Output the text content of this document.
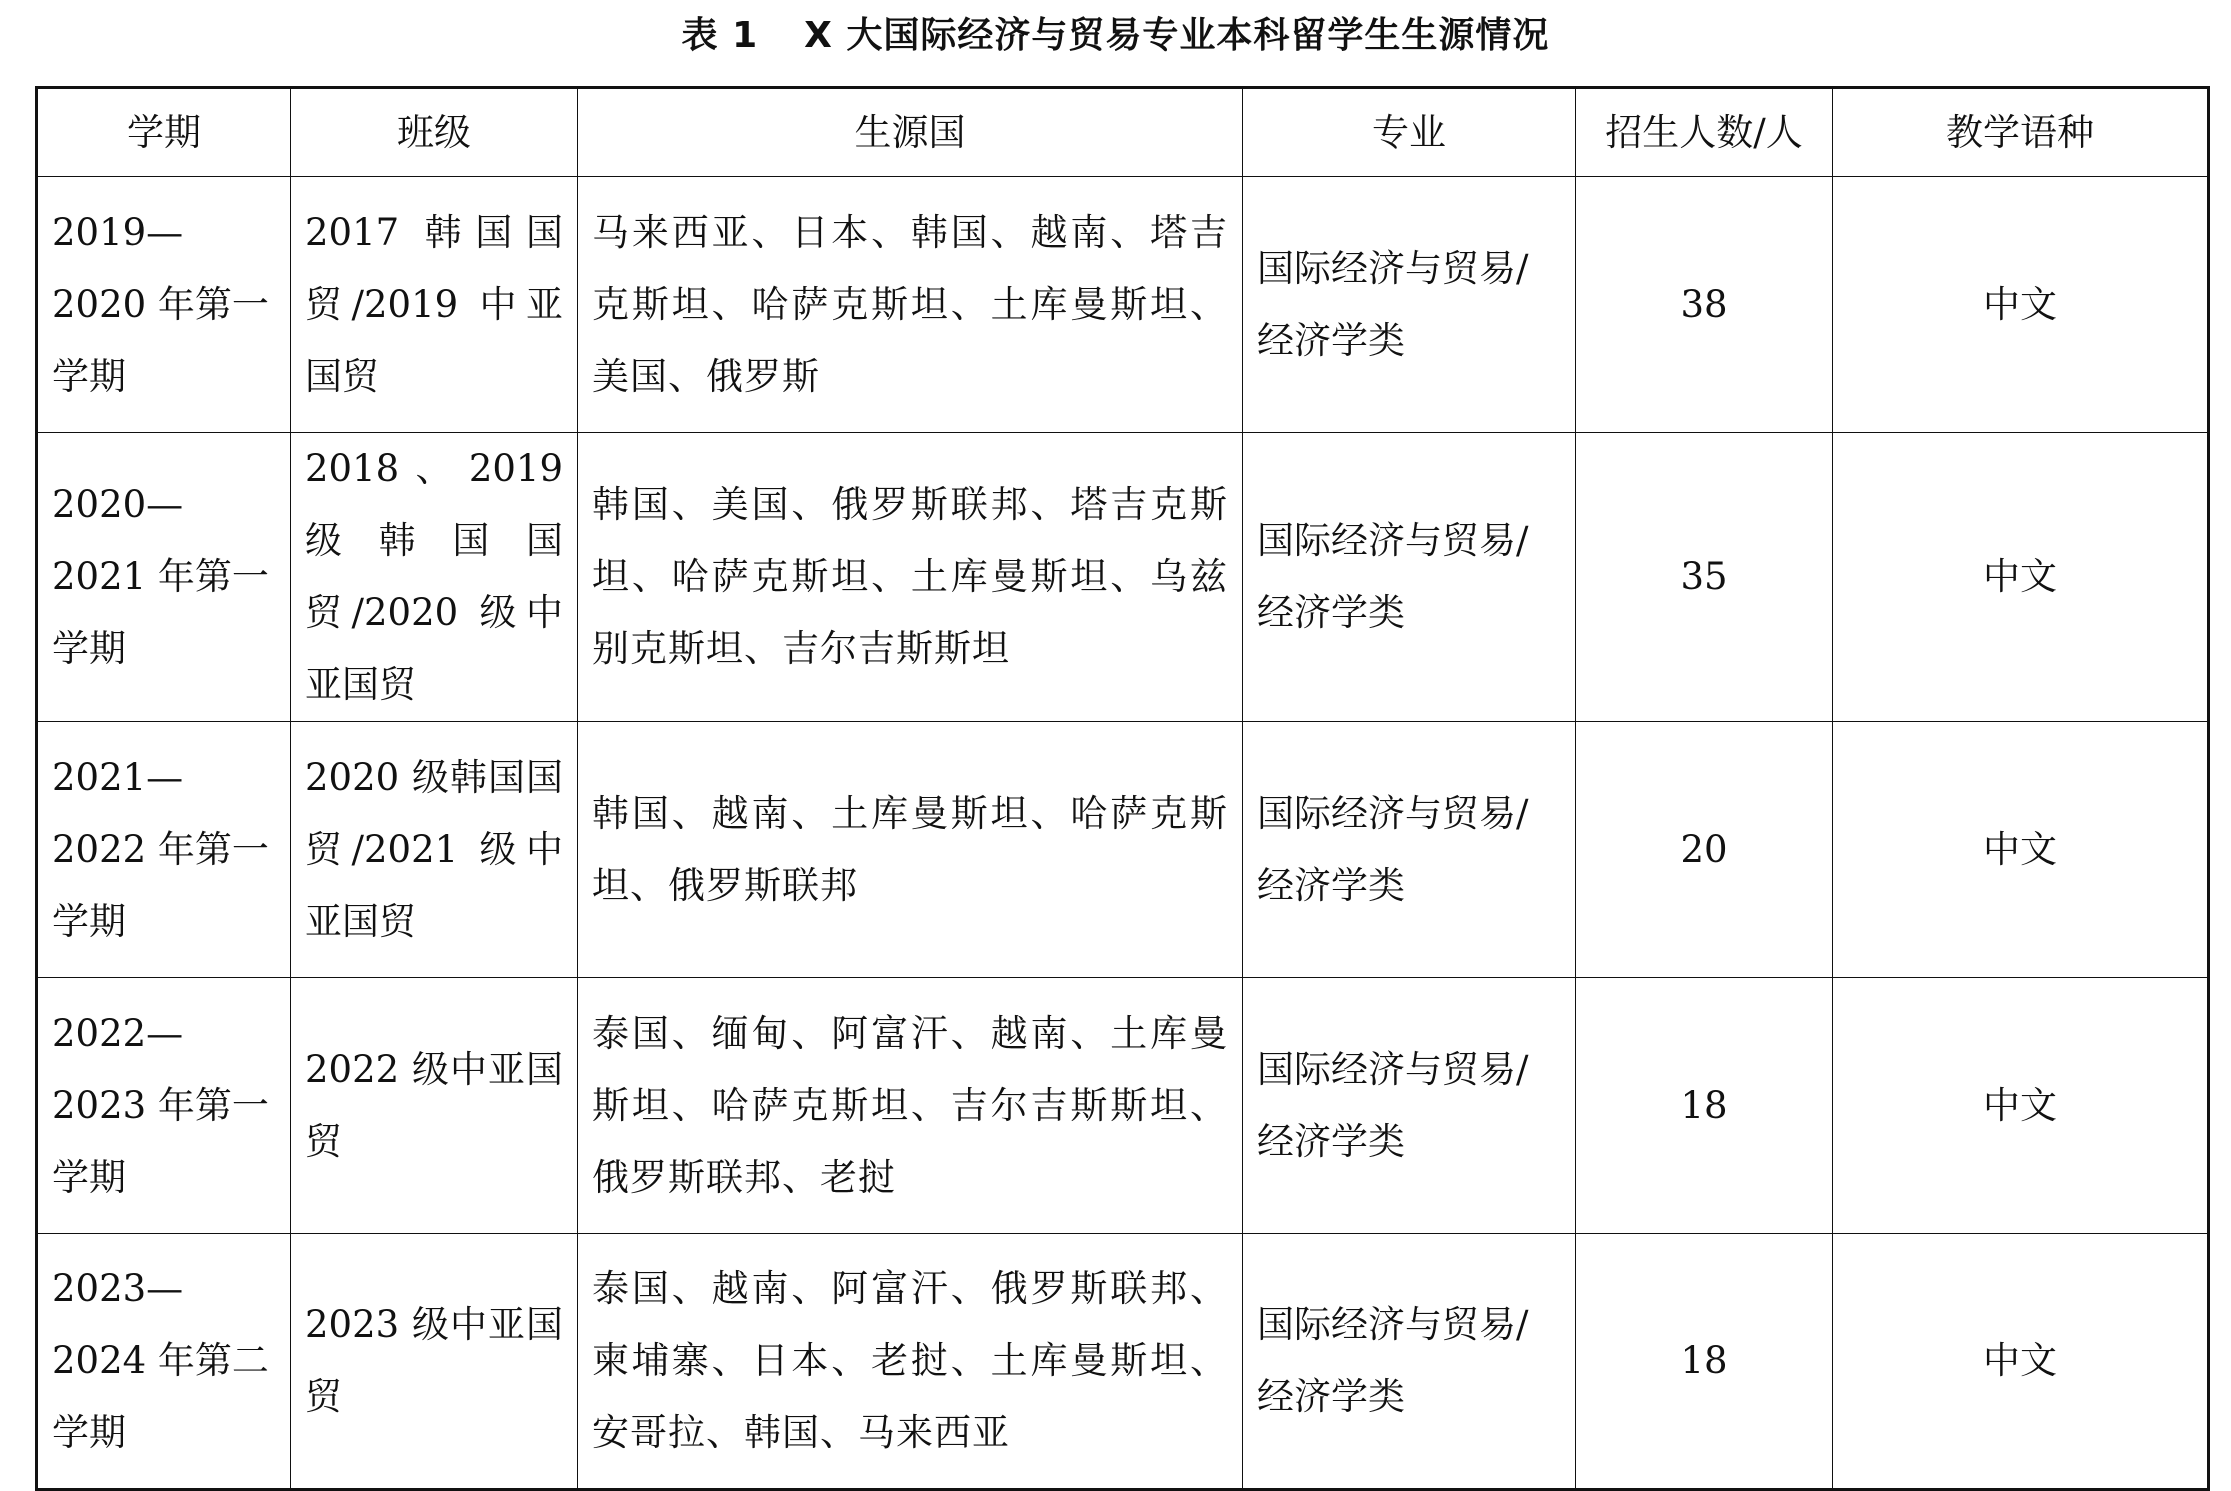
表 1 X 大国际经济与贸易专业本科留学生生源情况
学期	班级	生源国	专业	招生人数/人	教学语种
2019—2020 年第一学期	2017 韩国国贸/2019 中亚国贸	马来西亚、日本、韩国、越南、塔吉克斯坦、哈萨克斯坦、土库曼斯坦、美国、俄罗斯	国际经济与贸易/经济学类	38	中文
2020—2021 年第一学期	2018、2019 级韩国国贸/2020 级中亚国贸	韩国、美国、俄罗斯联邦、塔吉克斯坦、哈萨克斯坦、土库曼斯坦、乌兹别克斯坦、吉尔吉斯斯坦	国际经济与贸易/经济学类	35	中文
2021—2022 年第一学期	2020 级韩国国贸/2021 级中亚国贸	韩国、越南、土库曼斯坦、哈萨克斯坦、俄罗斯联邦	国际经济与贸易/经济学类	20	中文
2022—2023 年第一学期	2022 级中亚国贸	泰国、缅甸、阿富汗、越南、土库曼斯坦、哈萨克斯坦、吉尔吉斯斯坦、俄罗斯联邦、老挝	国际经济与贸易/经济学类	18	中文
2023—2024 年第二学期	2023 级中亚国贸	泰国、越南、阿富汗、俄罗斯联邦、柬埔寨、日本、老挝、土库曼斯坦、安哥拉、韩国、马来西亚	国际经济与贸易/经济学类	18	中文
